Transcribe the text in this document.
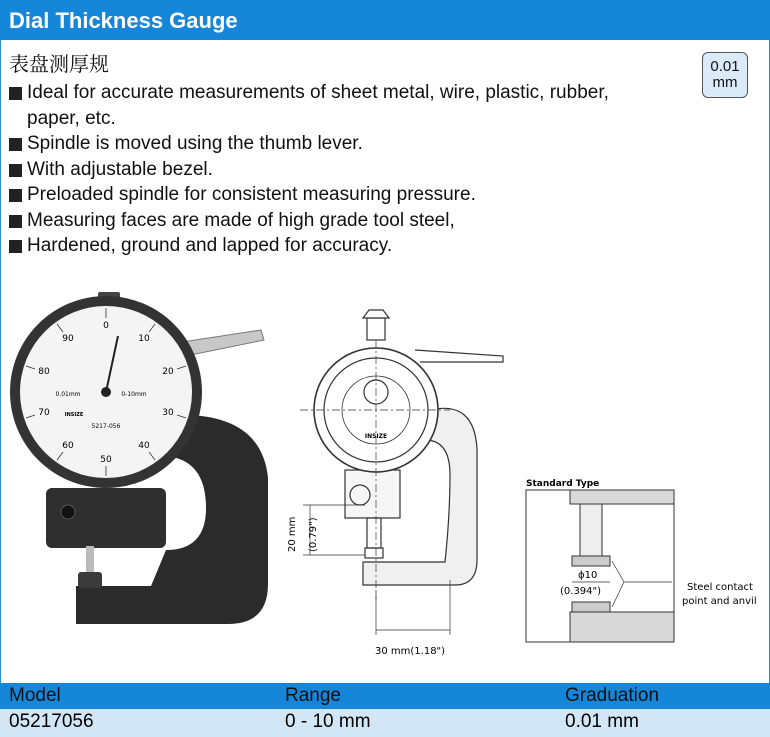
Dial Thickness Gauge
表盘测厚规	0.01
mm
Ideal for accurate measurements of sheet metal, wire, plastic, rubber, paper, etc.
Spindle is moved using the thumb lever.
With adjustable bezel.
Preloaded spindle for consistent measuring pressure.
Measuring faces are made of high grade tool steel,
Hardened, ground and lapped for accuracy.
0
10
20
30
40
50
60
70
80
90
0.01mm	0-10mm
5217-056
INSIZE
INSIZE
20 mm (0.79")
30 mm(1.18")
Standard Type
ϕ10
(0.394")	Steel contact
point and anvil
Model	Range	Graduation
05217056	0 - 10 mm	0.01 mm
